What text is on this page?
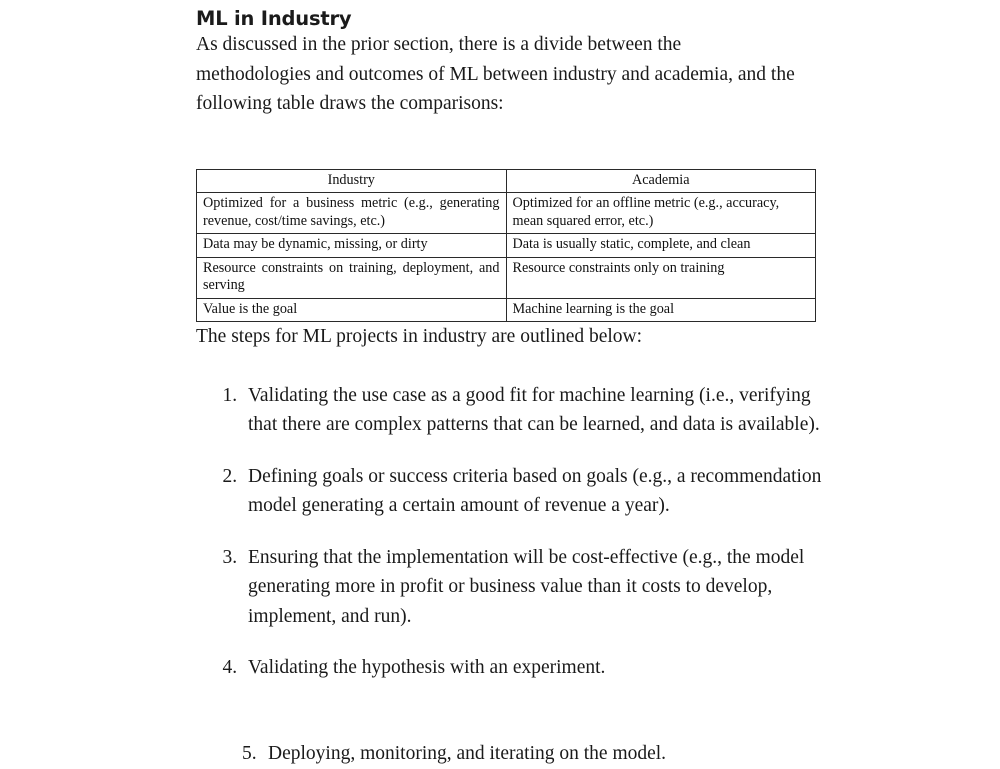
ML in Industry

As discussed in the prior section, there is a divide between the methodologies and outcomes of ML between industry and academia, and the following table draws the comparisons:

Industry	Academia
Optimized for a business metric (e.g., generating revenue, cost/time savings, etc.)	Optimized for an offline metric (e.g., accuracy, mean squared error, etc.)
Data may be dynamic, missing, or dirty	Data is usually static, complete, and clean
Resource constraints on training, deployment, and serving	Resource constraints only on training
Value is the goal	Machine learning is the goal

The steps for ML projects in industry are outlined below:

1. Validating the use case as a good fit for machine learning (i.e., verifying that there are complex patterns that can be learned, and data is available).
2. Defining goals or success criteria based on goals (e.g., a recommendation model generating a certain amount of revenue a year).
3. Ensuring that the implementation will be cost-effective (e.g., the model generating more in profit or business value than it costs to develop, implement, and run).
4. Validating the hypothesis with an experiment.
5. Deploying, monitoring, and iterating on the model.
